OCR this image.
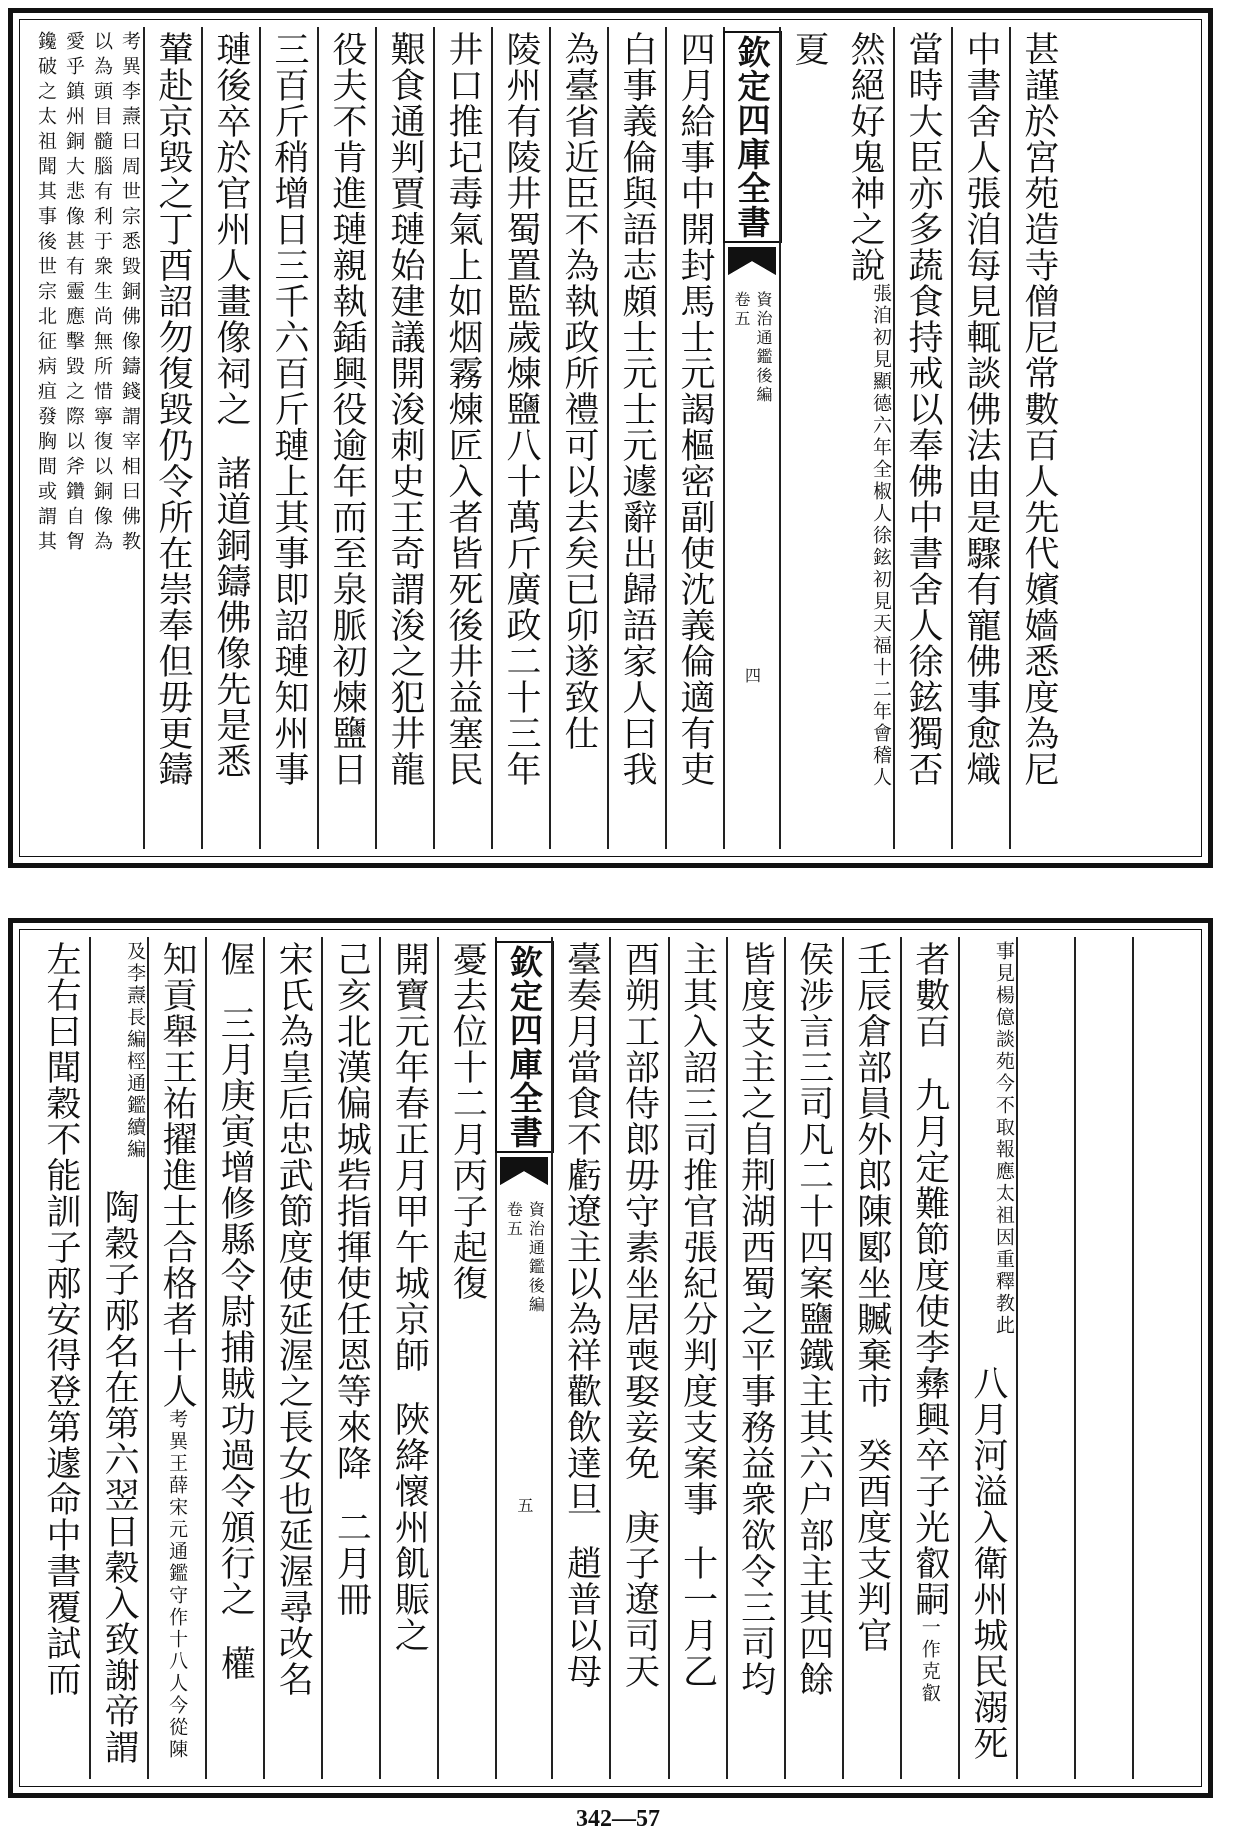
考異李燾曰周世宗悉毀銅佛像鑄錢謂宰相曰佛教
以為頭目髓腦有利于衆生尚無所惜寧復以銅像為
愛乎鎮州銅大悲像甚有靈應擊毀之際以斧鑽自胷
鑱破之太祖聞其事後世宗北征病疽發胸間或謂其	輦赴京毀之丁酉詔勿復毀仍令所在崇奉但毋更鑄 璉後卒於官州人畫像祠之諸道銅鑄佛像先是悉 三百斤稍增日三千六百斤璉上其事即詔璉知州事 役夫不肯進璉親執鍤興役逾年而至泉脈初煉鹽日 艱食通判賈璉始建議開浚刺史王奇謂浚之犯井龍 井口推圮毒氣上如烟霧煉匠入者皆死後井益塞民 陵州有陵井蜀置監歲煉鹽八十萬斤廣政二十三年 為臺省近臣不為執政所禮可以去矣已卯遂致仕 白事義倫與語志頗士元士元遽辭出歸語家人曰我 四月給事中開封馬士元謁樞密副使沈義倫適有吏 欽定四庫全書
資治通鑑後編
卷五
四
然絕好鬼神之說
徐鉉初見天福十二年會稽人
張洎初見顯德六年全椒人
夏	當時大臣亦多蔬食持戒以奉佛中書舍人徐鉉獨否 中書舍人張洎每見輒談佛法由是驟有寵佛事愈熾 甚謹於宮苑造寺僧尼常數百人先代嬪嬙悉度為尼
左右曰聞穀不能訓子邴安得登第遽命中書覆試而	桱通鑑續編
及李燾長編
陶穀子邴名在第六翌日穀入致謝帝謂
知貢舉王祐擢進士合格者十人考異王薛宋元通鑑守作十八人今從陳
偓三月庚寅增修縣令尉捕賊功過令頒行之權 宋氏為皇后忠武節度使延渥之長女也延渥尋改名 己亥北漢偏城砦指揮使任恩等來降二月冊
開寶元年春正月甲午城京師陜絳懷州飢賑之
憂去位十二月丙子起復 欽定四庫全書
資治通鑑後編
卷五
五 臺奏月當食不虧遼主以為祥歡飲達旦趙普以母
酉朔工部侍郎毋守素坐居喪娶妾免庚子遼司天
主其入詔三司推官張紀分判度支案事十一月乙 皆度支主之自荆湖西蜀之平事務益衆欲令三司均 侯涉言三司凡二十四案鹽鐵主其六户部主其四餘 壬辰倉部員外郎陳郾坐贓棄市癸酉度支判官
者數百九月定難節度使李彝興卒子光叡嗣一作克叡
報應太祖因重釋教此
事見楊億談苑今不取
八月河溢入衛州城民溺死
342—57
